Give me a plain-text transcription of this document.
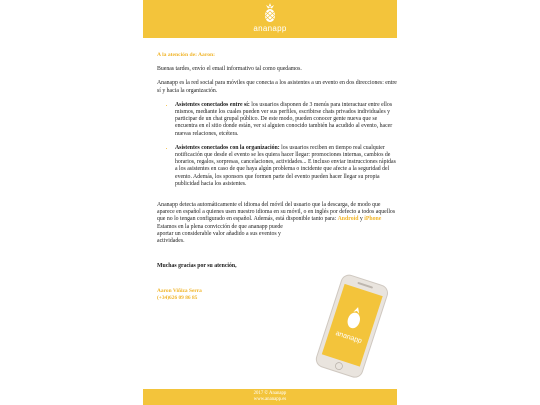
ananapp
A la atención de: Aaron:

Buenas tardes, envío el email informativo tal como quedamos.

Ananapp es la red social para móviles que conecta a los asistentes a un evento en dos direcciones: entre sí y hacia la organización.

• Asistentes conectados entre sí: los usuarios disponen de 3 menús para interactuar entre ellos mismos, mediante los cuales pueden ver sus perfiles, escribirse chats privados individuales y participar de un chat grupal público. De este modo, pueden conocer gente nueva que se encuentra en el sitio donde están, ver si alguien conocido también ha acudido al evento, hacer nuevas relaciones, etcétera.
• Asistentes conectados con la organización: los usuarios reciben en tiempo real cualquier notificación que desde el evento se les quiera hacer llegar: promociones internas, cambios de horarios, regalos, sorpresas, cancelaciones, actividades... E incluso enviar instrucciones rápidas a los asistentes en caso de que haya algún problema o incidente que afecte a la seguridad del evento. Además, los sponsors que formen parte del evento pueden hacer llegar su propia publicidad hacia los asistentes.

Ananapp detecta automáticamente el idioma del móvil del usuario que la descarga, de modo que aparece en español a quienes usen nuestro idioma en su móvil, o en inglés por defecto a todos aquellos que no lo tengan configurado en español. Además, está disponible tanto para: Android y iPhone

Estamos en la plena convicción de que ananapp puede aportar un considerable valor añadido a sus eventos y actividades.

Muchas gracias por su atención,

Aaron Viñiza Serra
(+34)626 09 86 85
ananapp
2017 © Ananapp
www.ananapp.es
